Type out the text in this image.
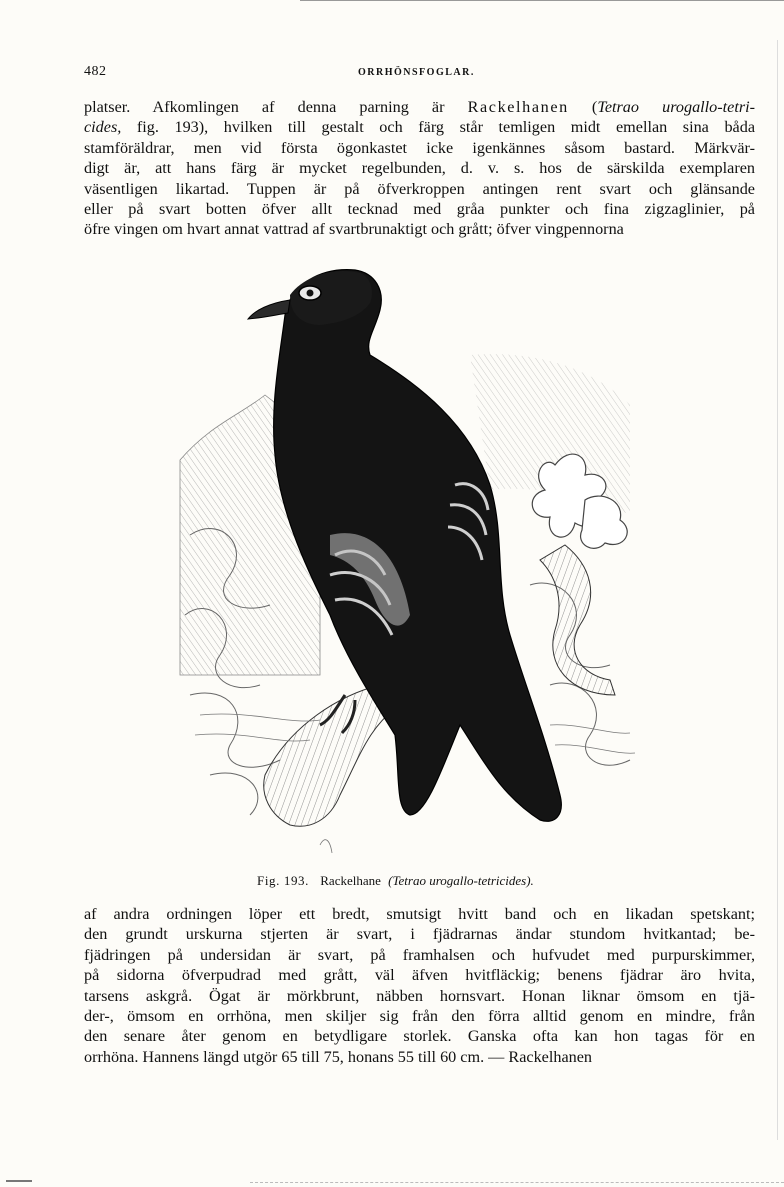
482	ORRHÖNSFOGLAR.

platser. Afkomlingen af denna parning är Rackelhanen (Tetrao urogallo-tetri-
cides, fig. 193), hvilken till gestalt och färg står temligen midt emellan sina båda
stamföräldrar, men vid första ögonkastet icke igenkännes såsom bastard. Märkvär-
digt är, att hans färg är mycket regelbunden, d. v. s. hos de särskilda exemplaren
väsentligen likartad. Tuppen är på öfverkroppen antingen rent svart och glänsande
eller på svart botten öfver allt tecknad med gråa punkter och fina zigzaglinier, på
öfre vingen om hvart annat vattrad af svartbrunaktigt och grått; öfver vingpennorna

Fig. 193. Rackelhane (Tetrao urogallo-tetricides).

af andra ordningen löper ett bredt, smutsigt hvitt band och en likadan spetskant;
den grundt urskurna stjerten är svart, i fjädrarnas ändar stundom hvitkantad; be-
fjädringen på undersidan är svart, på framhalsen och hufvudet med purpurskimmer,
på sidorna öfverpudrad med grått, väl äfven hvitfläckig; benens fjädrar äro hvita,
tarsens askgrå. Ögat är mörkbrunt, näbben hornsvart. Honan liknar ömsom en tjä-
der-, ömsom en orrhöna, men skiljer sig från den förra alltid genom en mindre, från
den senare åter genom en betydligare storlek. Ganska ofta kan hon tagas för en
orrhöna. Hannens längd utgör 65 till 75, honans 55 till 60 cm. — Rackelhanen
